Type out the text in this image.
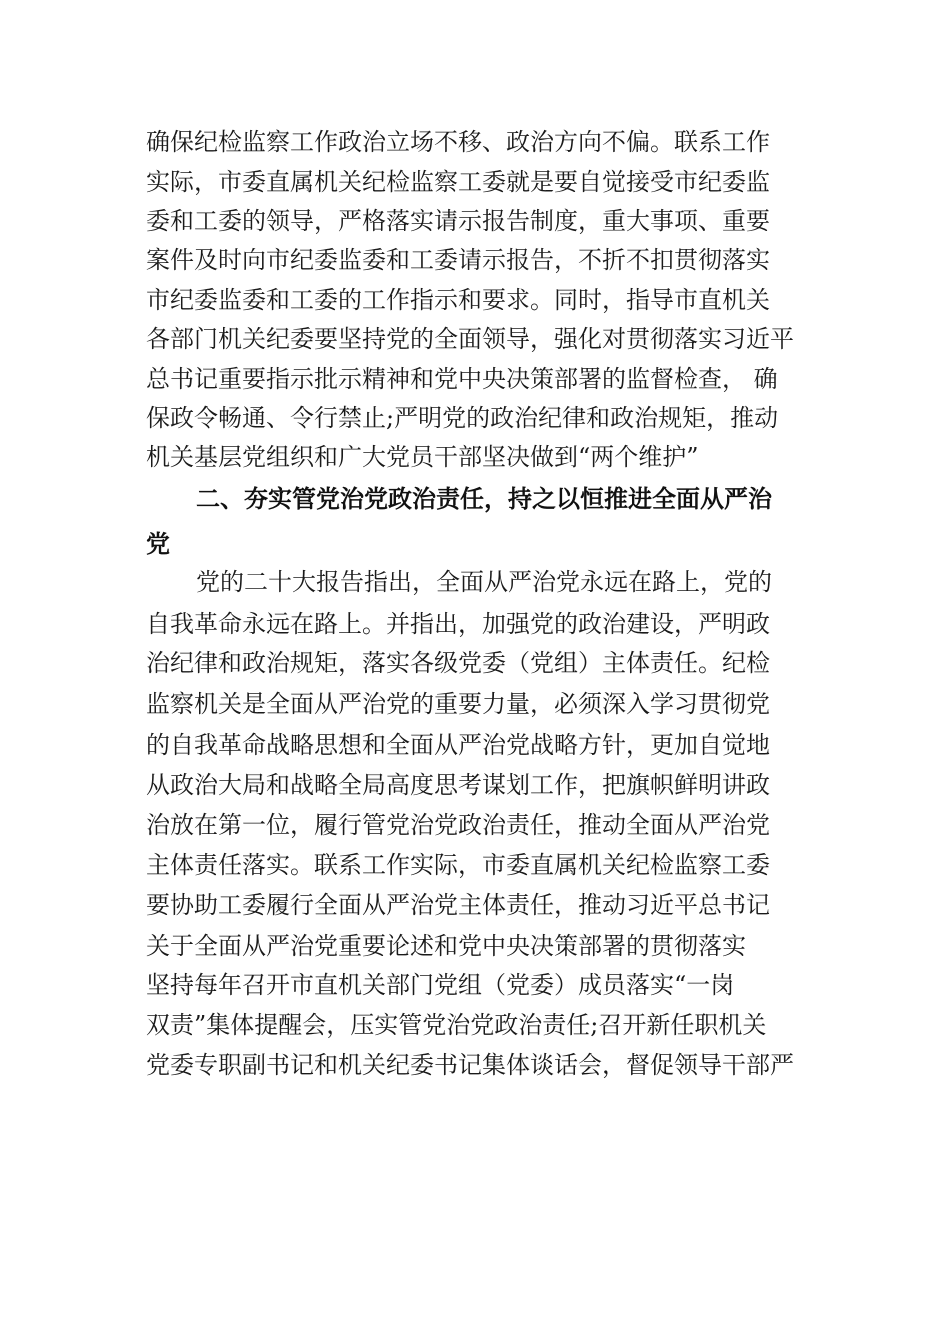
确保纪检监察工作政治立场不移、政治方向不偏。联系工作
实际，市委直属机关纪检监察工委就是要自觉接受市纪委监
委和工委的领导，严格落实请示报告制度，重大事项、重要
案件及时向市纪委监委和工委请示报告，不折不扣贯彻落实
市纪委监委和工委的工作指示和要求。同时，指导市直机关
各部门机关纪委要坚持党的全面领导，强化对贯彻落实习近平
总书记重要指示批示精神和党中央决策部署的监督检查， 确
保政令畅通、令行禁止;严明党的政治纪律和政治规矩，推动
机关基层党组织和广大党员干部坚决做到“两个维护”
二、夯实管党治党政治责任，持之以恒推进全面从严治
党
党的二十大报告指出，全面从严治党永远在路上，党的
自我革命永远在路上。并指出，加强党的政治建设，严明政
治纪律和政治规矩，落实各级党委（党组）主体责任。纪检
监察机关是全面从严治党的重要力量，必须深入学习贯彻党
的自我革命战略思想和全面从严治党战略方针，更加自觉地
从政治大局和战略全局高度思考谋划工作，把旗帜鲜明讲政
治放在第一位，履行管党治党政治责任，推动全面从严治党
主体责任落实。联系工作实际，市委直属机关纪检监察工委
要协助工委履行全面从严治党主体责任，推动习近平总书记
关于全面从严治党重要论述和党中央决策部署的贯彻落实
坚持每年召开市直机关部门党组（党委）成员落实“一岗
双责”集体提醒会，压实管党治党政治责任;召开新任职机关
党委专职副书记和机关纪委书记集体谈话会，督促领导干部严
